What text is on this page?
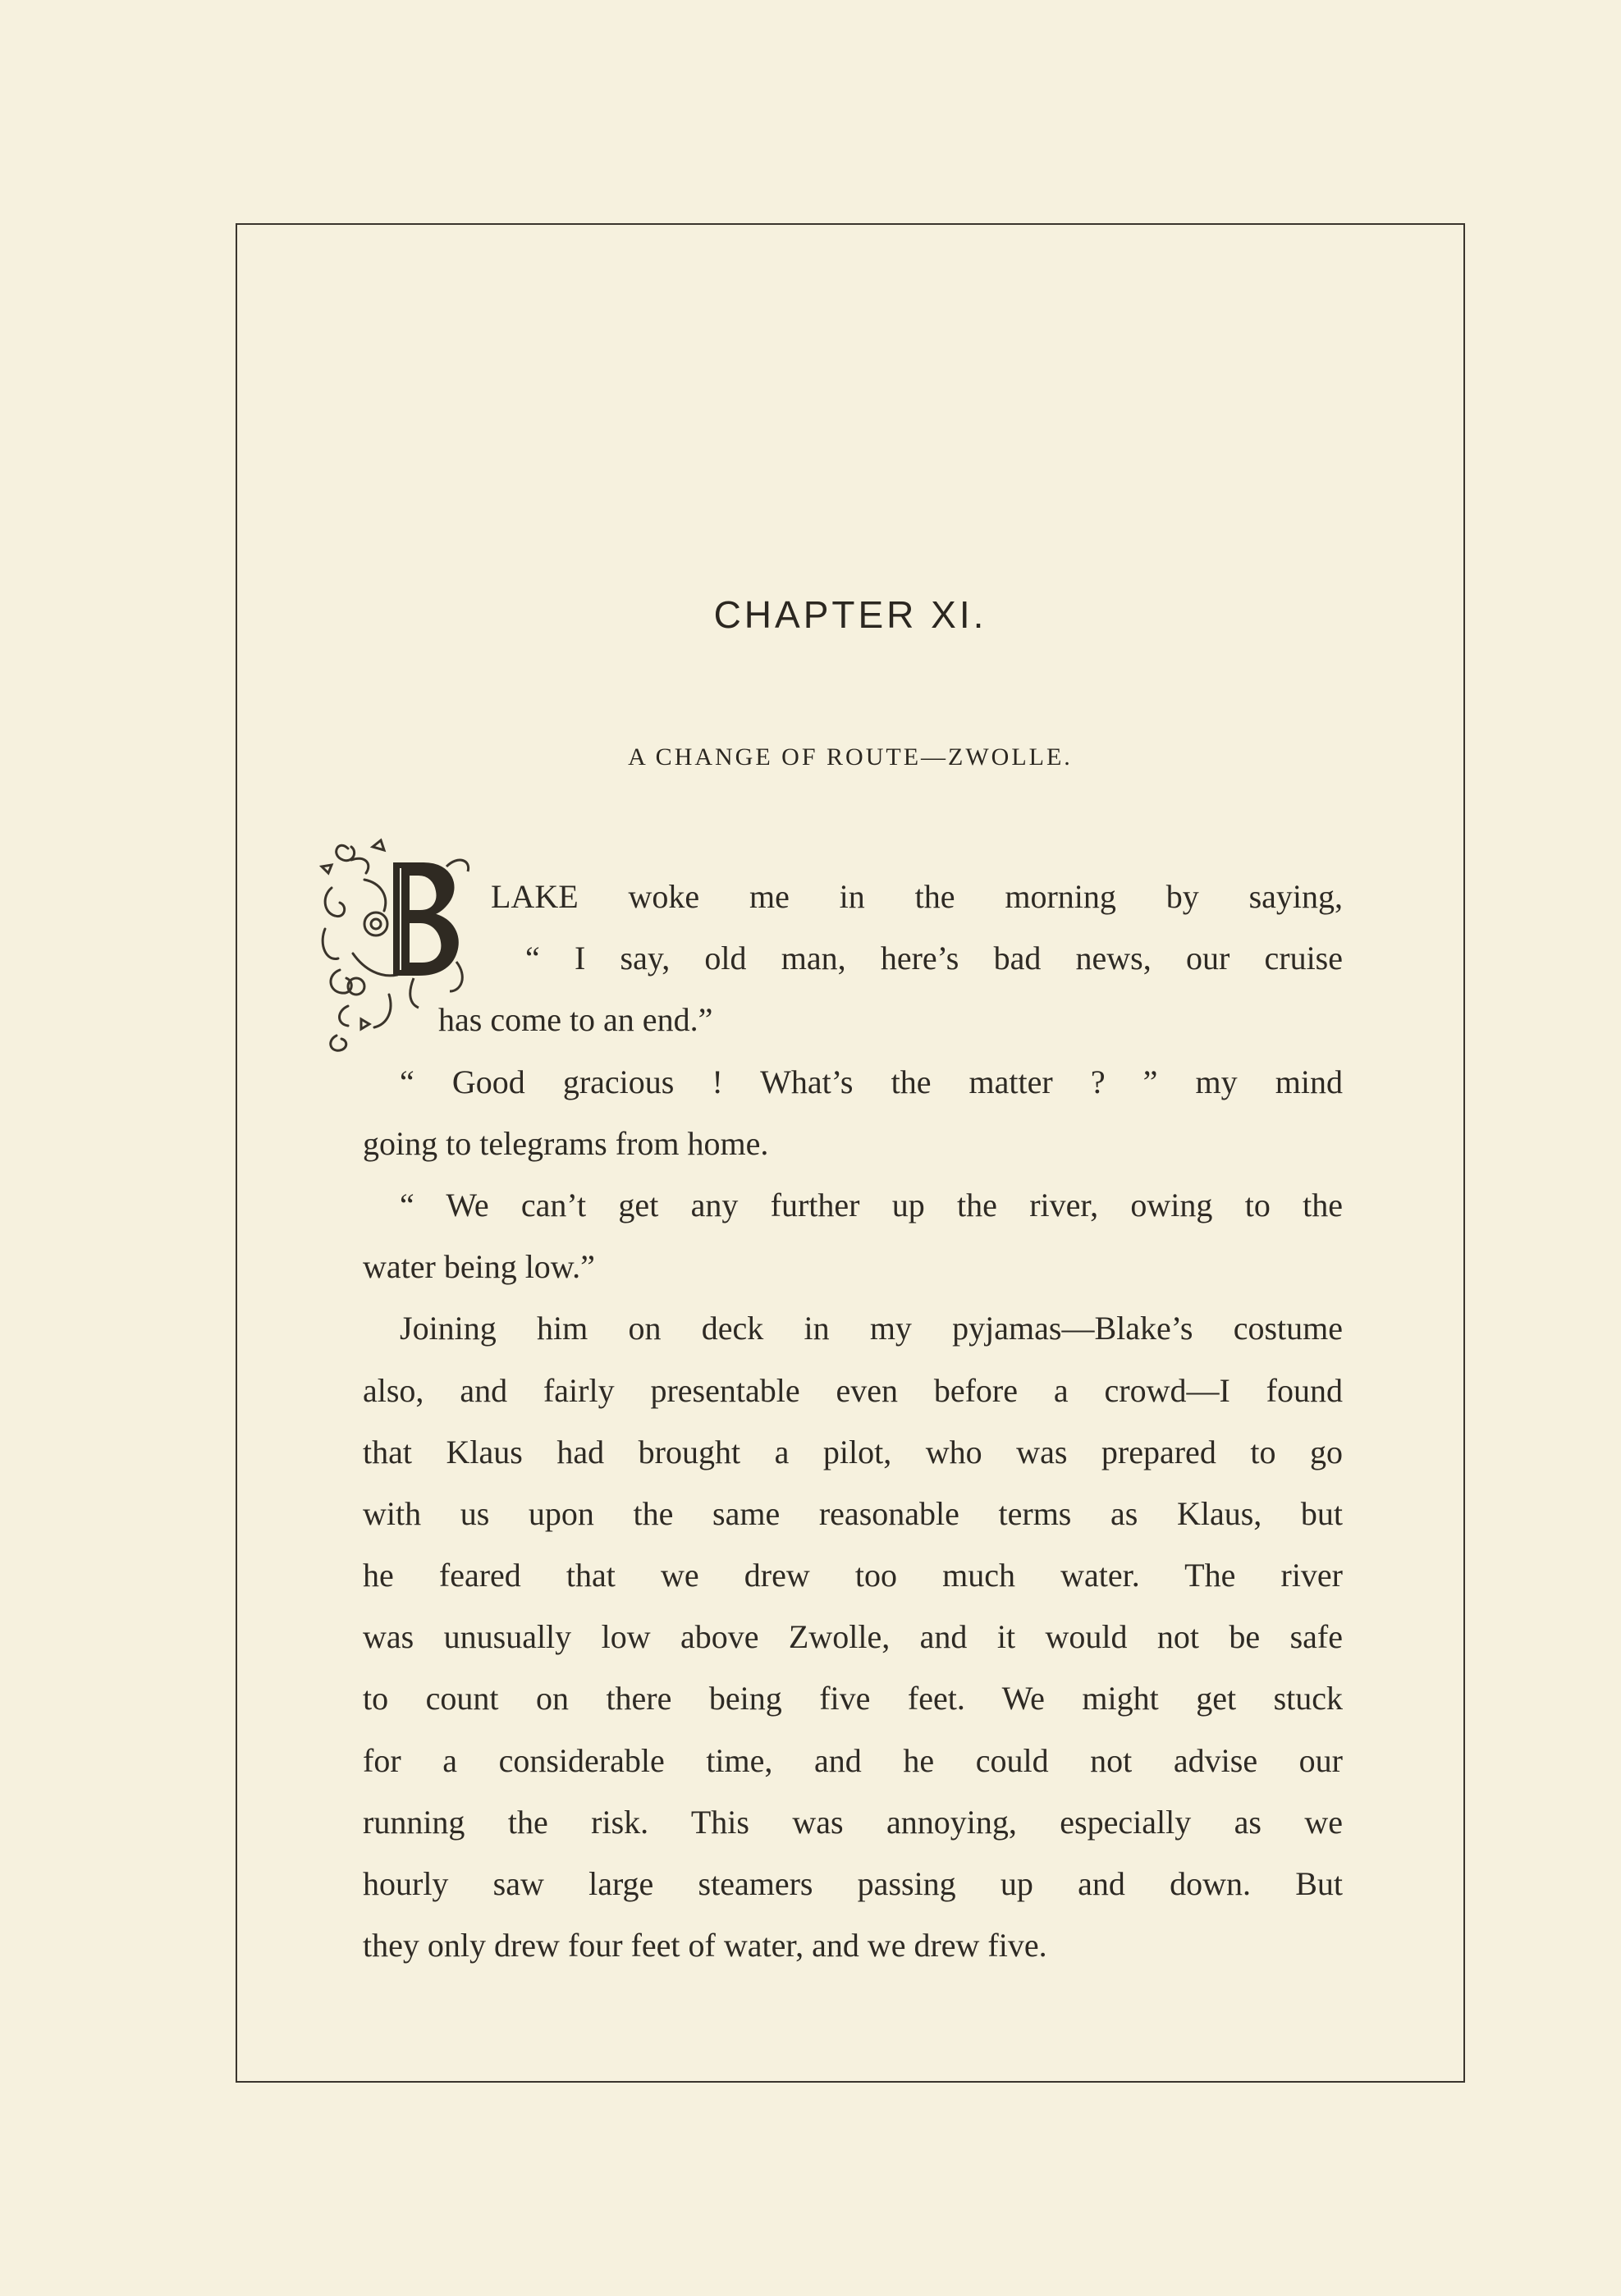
CHAPTER XI.
A CHANGE OF ROUTE—ZWOLLE.
LAKE woke me in the morning by saying,
“ I say, old man, here’s bad news, our cruise
has come to an end.”
“ Good gracious ! What’s the matter ? ” my mind
going to telegrams from home.
“ We can’t get any further up the river, owing to the
water being low.”
Joining him on deck in my pyjamas—Blake’s costume
also, and fairly presentable even before a crowd—I found
that Klaus had brought a pilot, who was prepared to go
with us upon the same reasonable terms as Klaus, but
he feared that we drew too much water. The river
was unusually low above Zwolle, and it would not be safe
to count on there being five feet. We might get stuck
for a considerable time, and he could not advise our
running the risk. This was annoying, especially as we
hourly saw large steamers passing up and down. But
they only drew four feet of water, and we drew five.
